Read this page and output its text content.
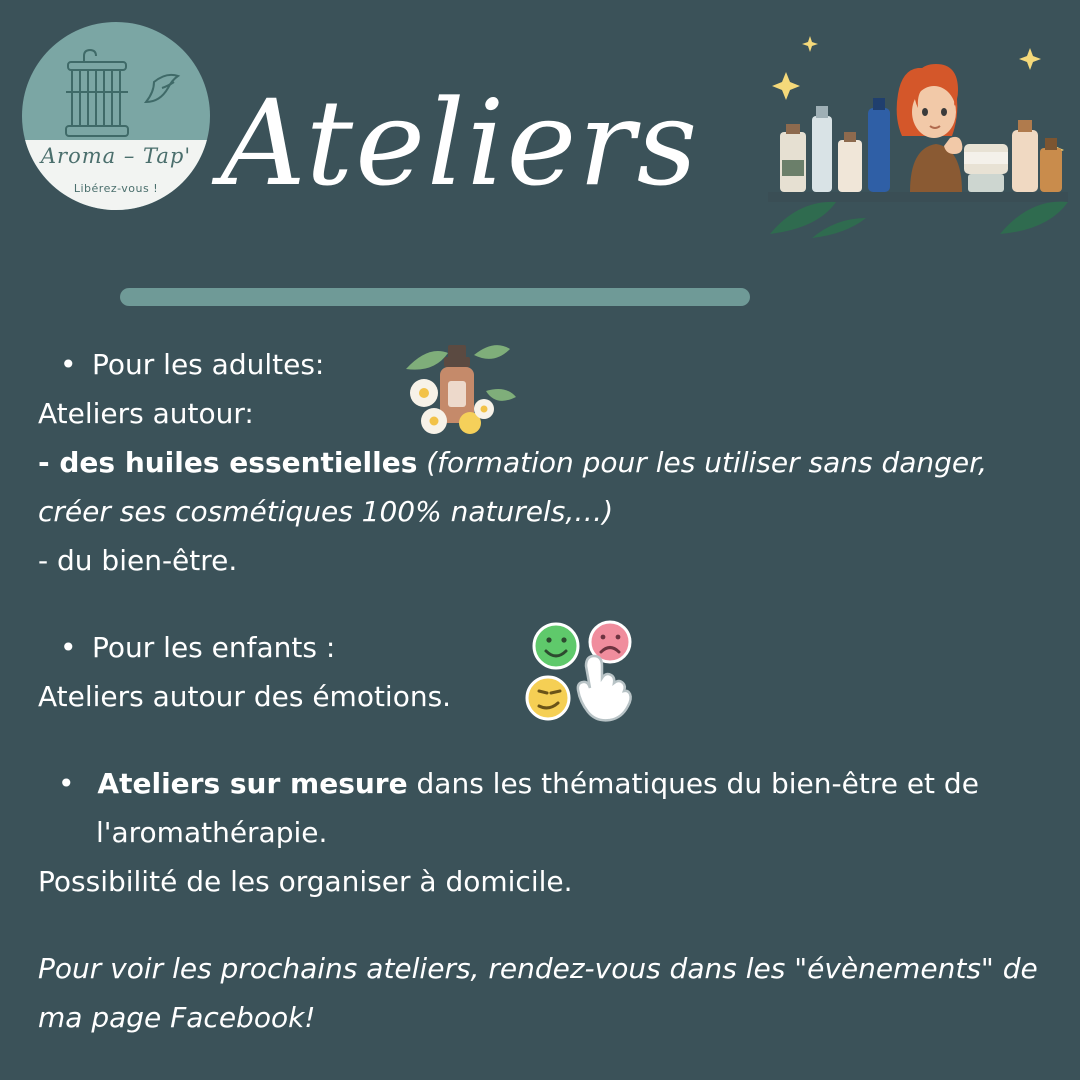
Aroma – Tap'
Libérez-vous ! Ateliers
• Pour les adultes:
Ateliers autour:
- des huiles essentielles (formation pour les utiliser sans danger, créer ses cosmétiques 100% naturels,…)
- du bien-être.
• Pour les enfants :
Ateliers autour des émotions.
• Ateliers sur mesure dans les thématiques du bien-être et de l'aromathérapie.
Possibilité de les organiser à domicile.
Pour voir les prochains ateliers, rendez-vous dans les "évènements" de ma page Facebook!
